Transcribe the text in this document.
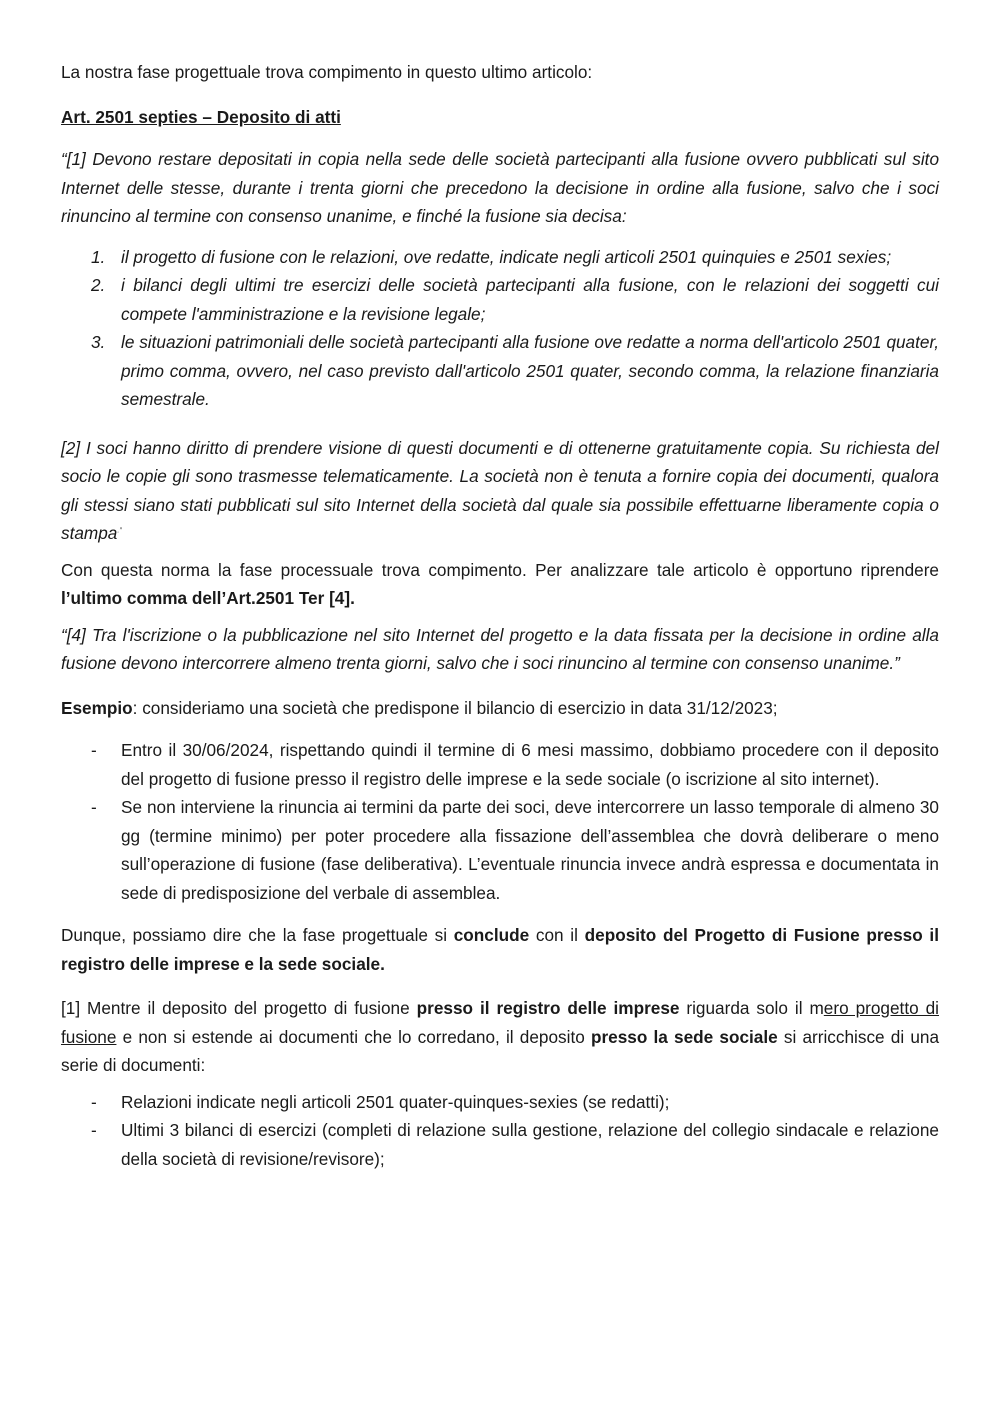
La nostra fase progettuale trova compimento in questo ultimo articolo:

Art. 2501 septies – Deposito di atti

“[1] Devono restare depositati in copia nella sede delle società partecipanti alla fusione ovvero pubblicati sul sito Internet delle stesse, durante i trenta giorni che precedono la decisione in ordine alla fusione, salvo che i soci rinuncino al termine con consenso unanime, e finché la fusione sia decisa:

1. il progetto di fusione con le relazioni, ove redatte, indicate negli articoli 2501 quinquies e 2501 sexies;
2. i bilanci degli ultimi tre esercizi delle società partecipanti alla fusione, con le relazioni dei soggetti cui compete l'amministrazione e la revisione legale;
3. le situazioni patrimoniali delle società partecipanti alla fusione ove redatte a norma dell'articolo 2501 quater, primo comma, ovvero, nel caso previsto dall'articolo 2501 quater, secondo comma, la relazione finanziaria semestrale.

[2] I soci hanno diritto di prendere visione di questi documenti e di ottenerne gratuitamente copia. Su richiesta del socio le copie gli sono trasmesse telematicamente. La società non è tenuta a fornire copia dei documenti, qualora gli stessi siano stati pubblicati sul sito Internet della società dal quale sia possibile effettuarne liberamente copia o stampa.”

Con questa norma la fase processuale trova compimento. Per analizzare tale articolo è opportuno riprendere l’ultimo comma dell’Art.2501 Ter [4].

“[4] Tra l'iscrizione o la pubblicazione nel sito Internet del progetto e la data fissata per la decisione in ordine alla fusione devono intercorrere almeno trenta giorni, salvo che i soci rinuncino al termine con consenso unanime.”

Esempio: consideriamo una società che predispone il bilancio di esercizio in data 31/12/2023;

- Entro il 30/06/2024, rispettando quindi il termine di 6 mesi massimo, dobbiamo procedere con il deposito del progetto di fusione presso il registro delle imprese e la sede sociale (o iscrizione al sito internet).
- Se non interviene la rinuncia ai termini da parte dei soci, deve intercorrere un lasso temporale di almeno 30 gg (termine minimo) per poter procedere alla fissazione dell’assemblea che dovrà deliberare o meno sull’operazione di fusione (fase deliberativa). L’eventuale rinuncia invece andrà espressa e documentata in sede di predisposizione del verbale di assemblea.

Dunque, possiamo dire che la fase progettuale si conclude con il deposito del Progetto di Fusione presso il registro delle imprese e la sede sociale.

[1] Mentre il deposito del progetto di fusione presso il registro delle imprese riguarda solo il mero progetto di fusione e non si estende ai documenti che lo corredano, il deposito presso la sede sociale si arricchisce di una serie di documenti:

- Relazioni indicate negli articoli 2501 quater-quinques-sexies (se redatti);
- Ultimi 3 bilanci di esercizi (completi di relazione sulla gestione, relazione del collegio sindacale e relazione della società di revisione/revisore);
